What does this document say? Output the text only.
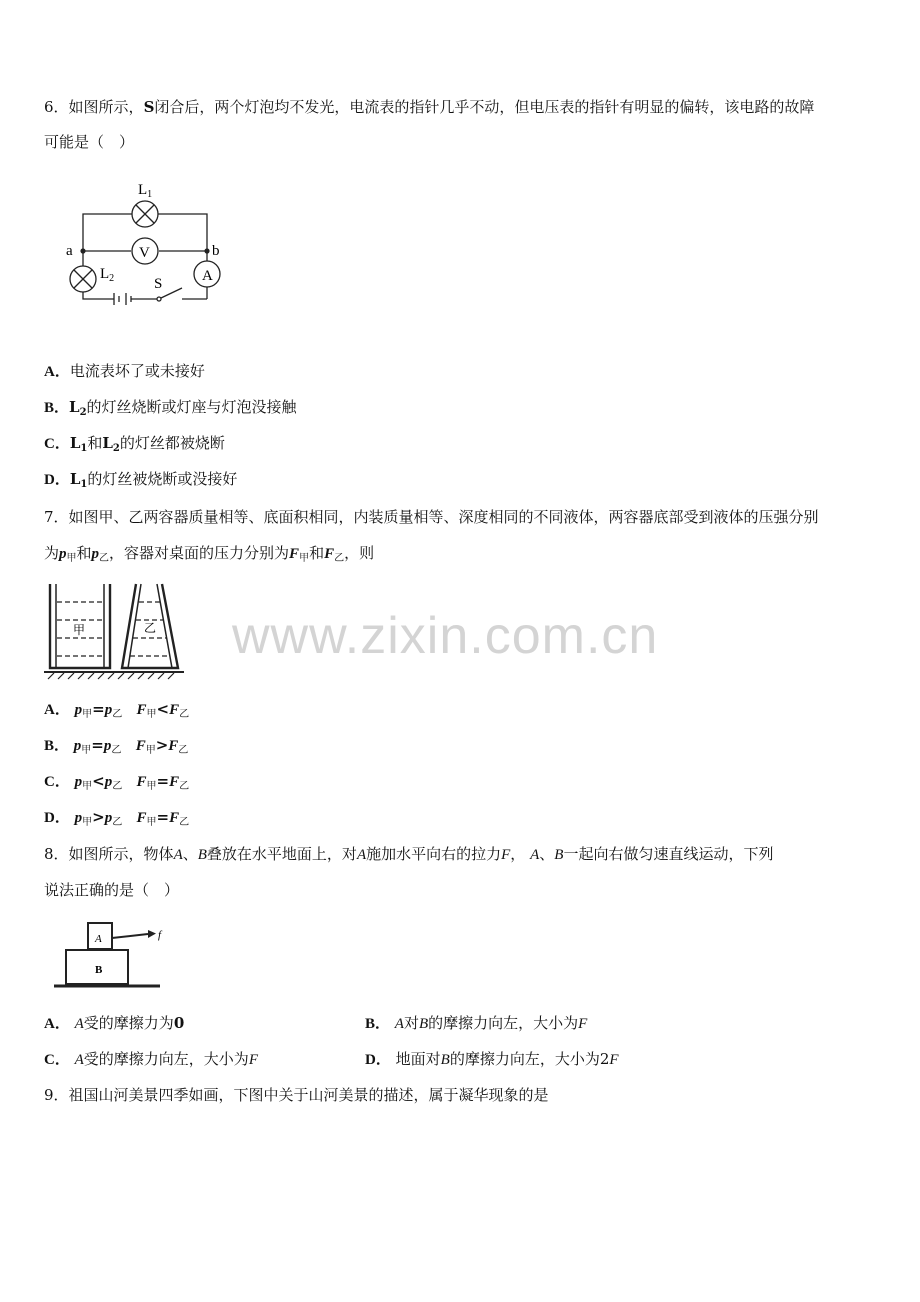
www.zixin.com.cn
6．如图所示，S闭合后，两个灯泡均不发光，电流表的指针几乎不动，但电压表的指针有明显的偏转，该电路的故障
可能是（　）
$L_1$
V
A
a	b
$L_2$	S
A．电流表坏了或未接好
B．$L_2$的灯丝烧断或灯座与灯泡没接触
C．$L_1$和$L_2$的灯丝都被烧断
D．$L_1$的灯丝被烧断或没接好
7．如图甲、乙两容器质量相等、底面积相同，内装质量相等、深度相同的不同液体，两容器底部受到液体的压强分别
为$p_甲$和$p_乙$，容器对桌面的压力分别为$F_甲$和$F_乙$，则
甲	乙
A． $p_甲=p_乙$ $F_甲<F_乙$
B． $p_甲=p_乙$ $F_甲>F_乙$
C． $p_甲<p_乙$ $F_甲=F_乙$
D． $p_甲>p_乙$ $F_甲=F_乙$
8．如图所示，物体A、B叠放在水平地面上，对A施加水平向右的拉力F， A、B一起向右做匀速直线运动，下列
说法正确的是（　）
A
B
f
A． A受的摩擦力为0	B． A对B的摩擦力向左，大小为F
C． A受的摩擦力向左，大小为F	D． 地面对B的摩擦力向左，大小为2F
9．祖国山河美景四季如画，下图中关于山河美景的描述，属于凝华现象的是
